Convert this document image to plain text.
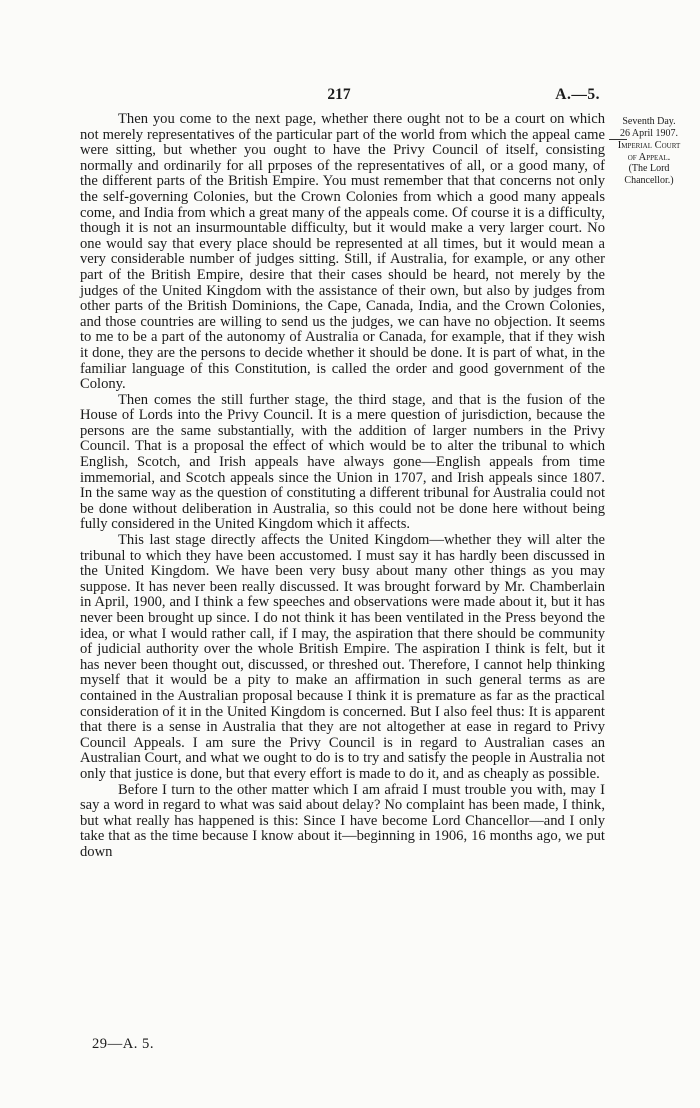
217	A.—5.
Seventh Day.
26 April 1907.
Imperial Court
of Appeal.
(The Lord
Chancellor.)

Then you come to the next page, whether there ought not to be a court on which not merely representatives of the particular part of the world from which the appeal came were sitting, but whether you ought to have the Privy Council of itself, consisting normally and ordinarily for all prposes of the representatives of all, or a good many, of the different parts of the British Empire. You must remember that that concerns not only the self-governing Colonies, but the Crown Colonies from which a good many appeals come, and India from which a great many of the appeals come. Of course it is a difficulty, though it is not an insurmountable difficulty, but it would make a very larger court. No one would say that every place should be represented at all times, but it would mean a very considerable number of judges sitting. Still, if Australia, for example, or any other part of the British Empire, desire that their cases should be heard, not merely by the judges of the United Kingdom with the assistance of their own, but also by judges from other parts of the British Dominions, the Cape, Canada, India, and the Crown Colonies, and those countries are willing to send us the judges, we can have no objection. It seems to me to be a part of the autonomy of Australia or Canada, for example, that if they wish it done, they are the persons to decide whether it should be done. It is part of what, in the familiar language of this Constitution, is called the order and good government of the Colony.

Then comes the still further stage, the third stage, and that is the fusion of the House of Lords into the Privy Council. It is a mere question of jurisdiction, because the persons are the same substantially, with the addition of larger numbers in the Privy Council. That is a proposal the effect of which would be to alter the tribunal to which English, Scotch, and Irish appeals have always gone—English appeals from time immemorial, and Scotch appeals since the Union in 1707, and Irish appeals since 1807. In the same way as the question of constituting a different tribunal for Australia could not be done without deliberation in Australia, so this could not be done here without being fully considered in the United Kingdom which it affects.

This last stage directly affects the United Kingdom—whether they will alter the tribunal to which they have been accustomed. I must say it has hardly been discussed in the United Kingdom. We have been very busy about many other things as you may suppose. It has never been really discussed. It was brought forward by Mr. Chamberlain in April, 1900, and I think a few speeches and observations were made about it, but it has never been brought up since. I do not think it has been ventilated in the Press beyond the idea, or what I would rather call, if I may, the aspiration that there should be community of judicial authority over the whole British Empire. The aspiration I think is felt, but it has never been thought out, discussed, or threshed out. Therefore, I cannot help thinking myself that it would be a pity to make an affirmation in such general terms as are contained in the Australian proposal because I think it is premature as far as the practical consideration of it in the United Kingdom is concerned. But I also feel thus: It is apparent that there is a sense in Australia that they are not altogether at ease in regard to Privy Council Appeals. I am sure the Privy Council is in regard to Australian cases an Australian Court, and what we ought to do is to try and satisfy the people in Australia not only that justice is done, but that every effort is made to do it, and as cheaply as possible.

Before I turn to the other matter which I am afraid I must trouble you with, may I say a word in regard to what was said about delay? No complaint has been made, I think, but what really has happened is this: Since I have become Lord Chancellor—and I only take that as the time because I know about it—beginning in 1906, 16 months ago, we put down

29—A. 5.
